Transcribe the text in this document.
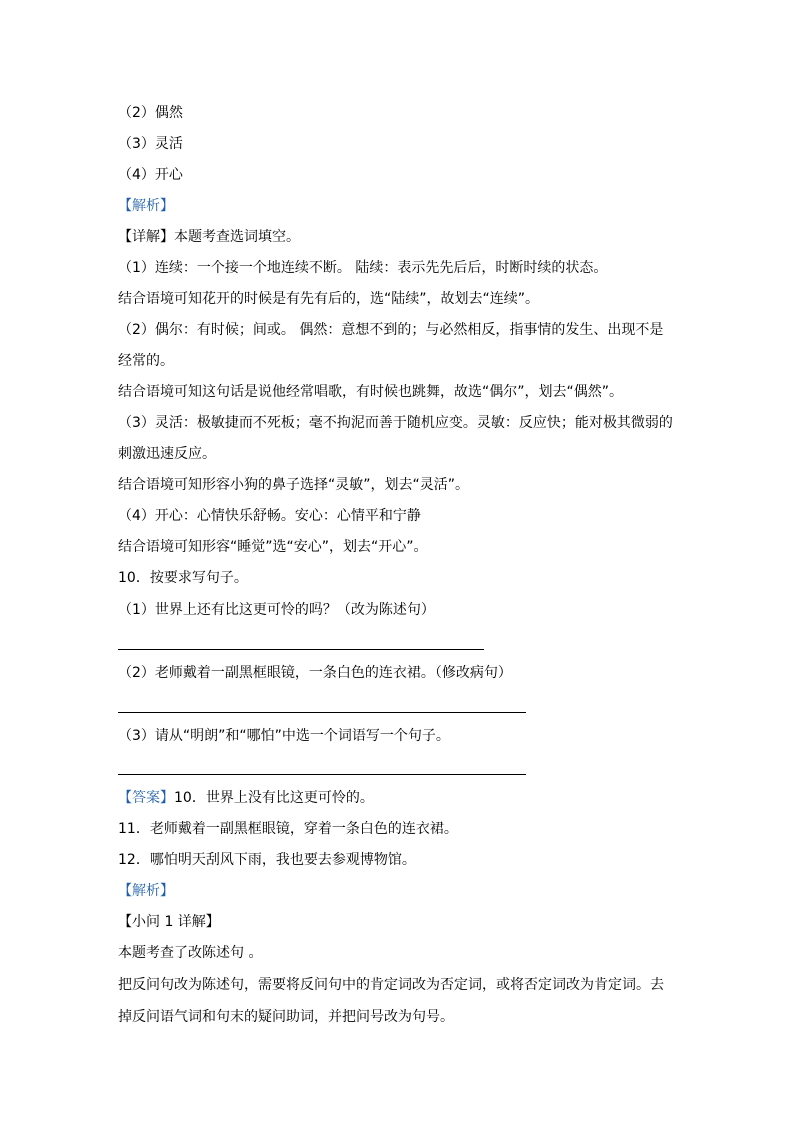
（2）偶然
（3）灵活
（4）开心
【解析】
【详解】本题考查选词填空。
（1）连续：一个接一个地连续不断。 陆续：表示先先后后，时断时续的状态。
结合语境可知花开的时候是有先有后的，选“陆续”，故划去“连续”。
（2）偶尔：有时候；间或。 偶然：意想不到的；与必然相反，指事情的发生、出现不是
经常的。
结合语境可知这句话是说他经常唱歌，有时候也跳舞，故选“偶尔”，划去“偶然”。
（3）灵活：极敏捷而不死板；毫不拘泥而善于随机应变。灵敏：反应快；能对极其微弱的
刺激迅速反应。
结合语境可知形容小狗的鼻子选择“灵敏”，划去“灵活”。
（4）开心：心情快乐舒畅。安心：心情平和宁静
结合语境可知形容“睡觉”选“安心”，划去“开心”。
10．按要求写句子。
（1）世界上还有比这更可怜的吗？（改为陈述句）
（2）老师戴着一副黑框眼镜，一条白色的连衣裙。（修改病句）
（3）请从“明朗”和“哪怕”中选一个词语写一个句子。
【答案】10．世界上没有比这更可怜的。
11．老师戴着一副黑框眼镜，穿着一条白色的连衣裙。
12．哪怕明天刮风下雨，我也要去参观博物馆。
【解析】
【小问 1 详解】
本题考查了改陈述句 。
把反问句改为陈述句，需要将反问句中的肯定词改为否定词，或将否定词改为肯定词。去
掉反问语气词和句末的疑问助词，并把问号改为句号。
